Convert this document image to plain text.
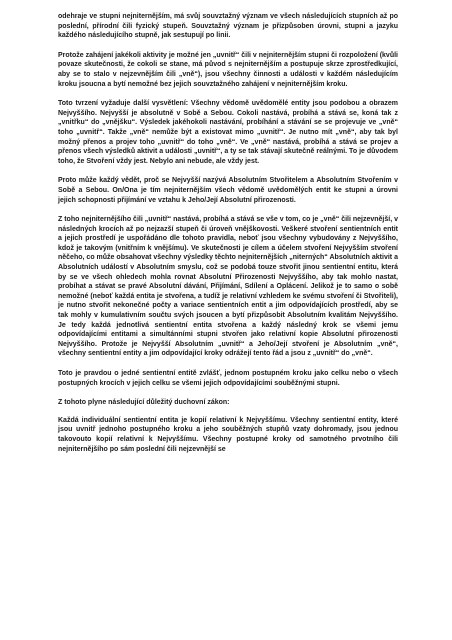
odehraje ve stupni nejniternějším, má svůj souvztažný význam ve všech následujících stupních až po poslední, přírodní čili fyzický stupeň. Souvztažný význam je přizpůsoben úrovni, stupni a jazyku každého následujícího stupně, jak sestupují po linii.

Protože zahájení jakékoli aktivity je možné jen „uvnitř“ čili v nejniternějším stupni či rozpoložení (kvůli povaze skutečnosti, že cokoli se stane, má původ s nejniternějším a postupuje skrze zprostředkující, aby se to stalo v nejzevnějším čili „vně“), jsou všechny činnosti a události v každém následujícím kroku jsoucna a bytí nemožné bez jejich souvztažného zahájení v nejniternějším kroku.

Toto tvrzení vyžaduje další vysvětlení: Všechny vědomě uvědomělé entity jsou podobou a obrazem Nejvyššího. Nejvyšší je absolutně v Sobě a Sebou. Cokoli nastává, probíhá a stává se, koná tak z „vnitřku“ do „vnějšku“. Výsledek jakéhokoli nastávání, probíhání a stávání se se projevuje ve „vně“ toho „uvnitř“. Takže „vně“ nemůže být a existovat mimo „uvnitř“. Je nutno mít „vně“, aby tak byl možný přenos a projev toho „uvnitř“ do toho „vně“. Ve „vně“ nastává, probíhá a stává se projev a přenos všech výsledků aktivit a události „uvnitř“, a ty se tak stávají skutečně reálnými. To je důvodem toho, že Stvoření vždy jest. Nebylo ani nebude, ale vždy jest.

Proto může každý vědět, proč se Nejvyšší nazývá Absolutním Stvořitelem a Absolutním Stvořením v Sobě a Sebou. On/Ona je tím nejniternějším všech vědomě uvědomělých entit ke stupni a úrovni jejich schopnosti přijímání ve vztahu k Jeho/Její Absolutní přirozenosti.

Z toho nejniternějšího čili „uvnitř“ nastává, probíhá a stává se vše v tom, co je „vně“ čili nejzevnější, v následných krocích až po nejzazší stupeň či úroveň vnějškovosti. Veškeré stvoření sentientních entit a jejich prostředí je uspořádáno dle tohoto pravidla, neboť jsou všechny vybudovány z Nejvyššího, kdož je takovým (vnitřním k vnějšímu). Ve skutečnosti je cílem a účelem stvoření Nejvyšším stvoření něčeho, co může obsahovat všechny výsledky těchto nejniternějších „niterných“ Absolutních aktivit a Absolutních událostí v Absolutním smyslu, což se podobá touze stvořit jinou sentientní entitu, která by se ve všech ohledech mohla rovnat Absolutní Přirozenosti Nejvyššího, aby tak mohlo nastat, probíhat a stávat se pravé Absolutní dávání, Přijímání, Sdílení a Oplácení. Jelikož je to samo o sobě nemožné (neboť každá entita je stvořena, a tudíž je relativní vzhledem ke svému stvoření či Stvořiteli), je nutno stvořit nekonečné počty a variace sentientních entit a jim odpovídajících prostředí, aby se tak mohly v kumulativním součtu svých jsoucen a bytí přizpůsobit Absolutním kvalitám Nejvyššího. Je tedy každá jednotlivá sentientní entita stvořena a každý následný krok se všemi jemu odpovídajícími entitami a simultánními stupni stvořen jako relativní kopie Absolutní přirozenosti Nejvyššího. Protože je Nejvyšší Absolutním „uvnitř“ a Jeho/Její stvoření je Absolutním „vně“, všechny sentientní entity a jim odpovídající kroky odrážejí tento řád a jsou z „uvnitř“ do „vně“.

Toto je pravdou o jedné sentientní entitě zvlášť, jednom postupném kroku jako celku nebo o všech postupných krocích v jejich celku se všemi jejich odpovídajícími souběžnými stupni.

Z tohoto plyne následující důležitý duchovní zákon:

Každá individuální sentientní entita je kopií relativní k Nejvyššímu. Všechny sentientní entity, které jsou uvnitř jednoho postupného kroku a jeho souběžných stupňů vzaty dohromady, jsou jednou takovouto kopií relativní k Nejvyššímu. Všechny postupné kroky od samotného prvotního čili nejniternějšího po sám poslední čili nejzevnější se
